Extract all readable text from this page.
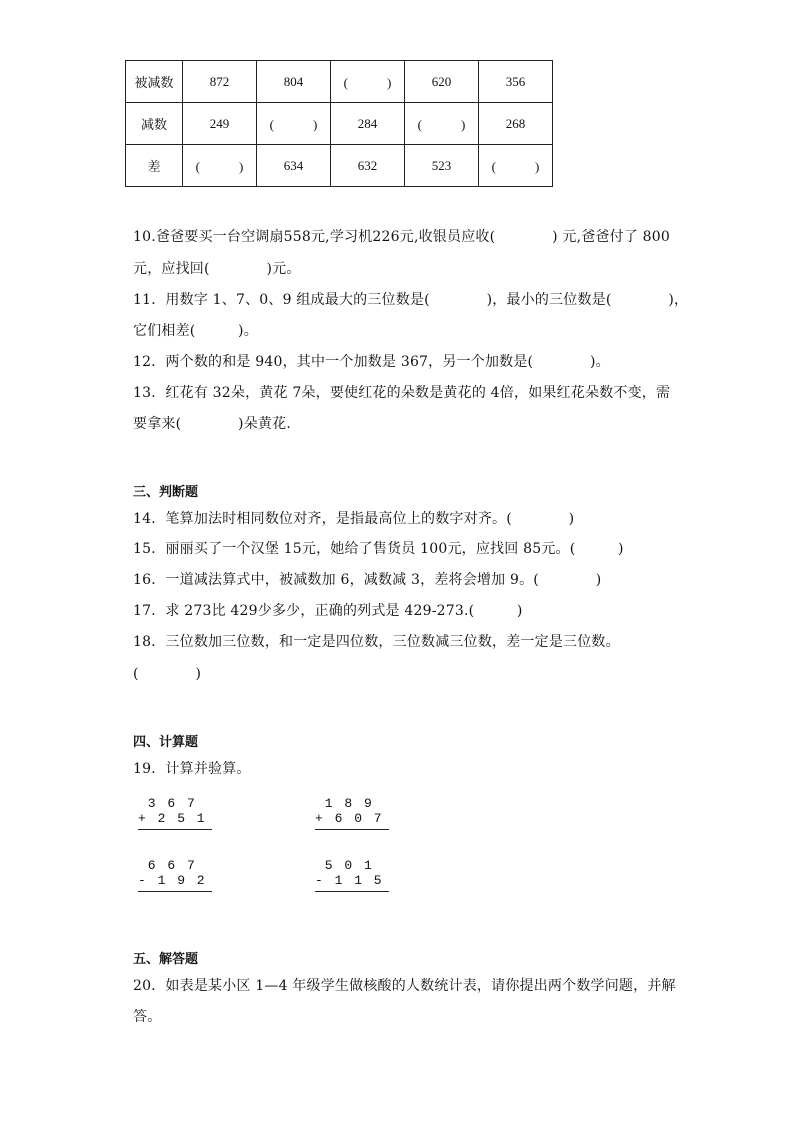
被减数	872	804	(　　　)	620	356
减数	249	(　　　)	284	(　　　)	268
差	(　　　)	634	632	523	(　　　)
10.爸爸要买一台空调扇558元,学习机226元,收银员应收(　　　　) 元,爸爸付了 800
元，应找回(　　　　)元。
11．用数字 1、7、0、9 组成最大的三位数是(　　　　)，最小的三位数是(　　　　)，
它们相差(　　　)。
12．两个数的和是 940，其中一个加数是 367，另一个加数是(　　　　)。
13．红花有 32朵，黄花 7朵，要使红花的朵数是黄花的 4倍，如果红花朵数不变，需
要拿来(　　　　)朵黄花．
三、判断题
14．笔算加法时相同数位对齐，是指最高位上的数字对齐。(　　　　)
15．丽丽买了一个汉堡 15元，她给了售货员 100元，应找回 85元。(　　　)
16．一道减法算式中，被减数加 6，减数减 3，差将会增加 9。(　　　　)
17．求 273比 429少多少，正确的列式是 429-273.(　　　)
18．三位数加三位数，和一定是四位数，三位数减三位数，差一定是三位数。
(　　　　)
四、计算题
19．计算并验算。
3 6 7
+ 2 5 1
1 8 9
+ 6 0 7
6 6 7
- 1 9 2
5 0 1
- 1 1 5
五、解答题
20．如表是某小区 1—4 年级学生做核酸的人数统计表，请你提出两个数学问题，并解
答。
